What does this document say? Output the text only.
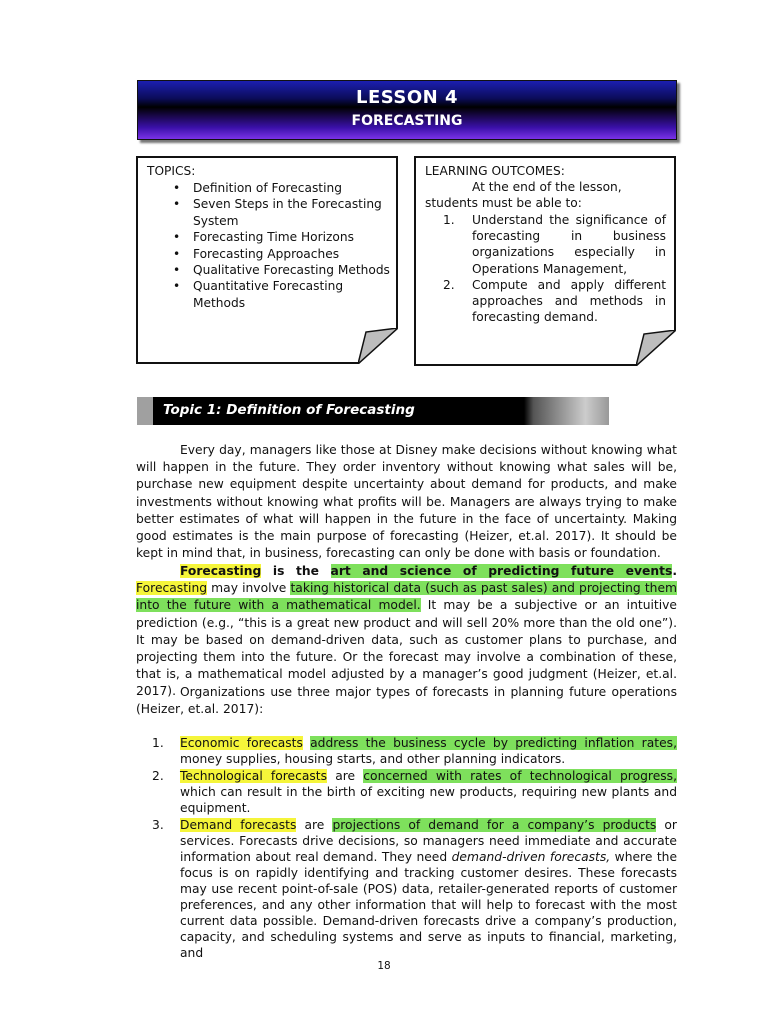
LESSON 4
FORECASTING
TOPICS:
• Definition of Forecasting
• Seven Steps in the Forecasting System
• Forecasting Time Horizons
• Forecasting Approaches
• Qualitative Forecasting Methods
• Quantitative Forecasting Methods
LEARNING OUTCOMES:
At the end of the lesson,
students must be able to:
1. Understand the significance of forecasting in business organizations especially in Operations Management,
2. Compute and apply different approaches and methods in forecasting demand.
Topic 1: Definition of Forecasting

Every day, managers like those at Disney make decisions without knowing what will happen in the future. They order inventory without knowing what sales will be, purchase new equipment despite uncertainty about demand for products, and make investments without knowing what profits will be. Managers are always trying to make better estimates of what will happen in the future in the face of uncertainty. Making good estimates is the main purpose of forecasting (Heizer, et.al. 2017). It should be kept in mind that, in business, forecasting can only be done with basis or foundation.

Forecasting is the art and science of predicting future events. Forecasting may involve taking historical data (such as past sales) and projecting them into the future with a mathematical model. It may be a subjective or an intuitive prediction (e.g., “this is a great new product and will sell 20% more than the old one”). It may be based on demand-driven data, such as customer plans to purchase, and projecting them into the future. Or the forecast may involve a combination of these, that is, a mathematical model adjusted by a manager’s good judgment (Heizer, et.al. 2017). Organizations use three major types of forecasts in planning future operations (Heizer, et.al. 2017):

1. Economic forecasts address the business cycle by predicting inflation rates, money supplies, housing starts, and other planning indicators.
2. Technological forecasts are concerned with rates of technological progress, which can result in the birth of exciting new products, requiring new plants and equipment.
3. Demand forecasts are projections of demand for a company’s products or services. Forecasts drive decisions, so managers need immediate and accurate information about real demand. They need demand-driven forecasts, where the focus is on rapidly identifying and tracking customer desires. These forecasts may use recent point-of-sale (POS) data, retailer-generated reports of customer preferences, and any other information that will help to forecast with the most current data possible. Demand-driven forecasts drive a company’s production, capacity, and scheduling systems and serve as inputs to financial, marketing, and
18
